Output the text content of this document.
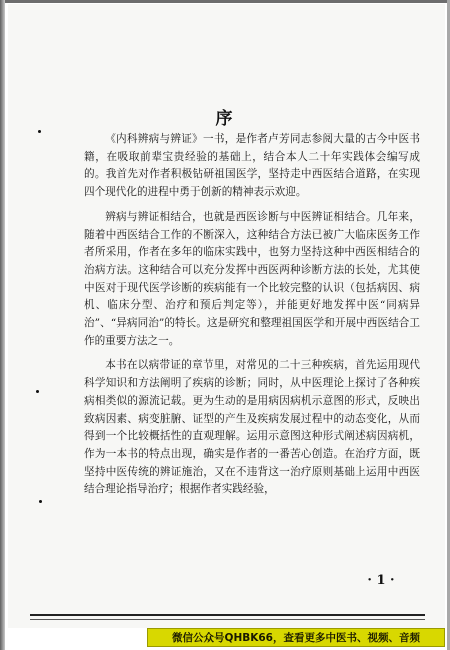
序

《内科辨病与辨证》一书，是作者卢芳同志参阅大量的古今中医书籍，在吸取前辈宝贵经验的基础上，结合本人二十年实践体会编写成的。我首先对作者积极钻研祖国医学，坚持走中西医结合道路，在实现四个现代化的进程中勇于创新的精神表示欢迎。

辨病与辨证相结合，也就是西医诊断与中医辨证相结合。几年来，随着中西医结合工作的不断深入，这种结合方法已被广大临床医务工作者所采用，作者在多年的临床实践中，也努力坚持这种中西医相结合的治病方法。这种结合可以充分发挥中西医两种诊断方法的长处，尤其使中医对于现代医学诊断的疾病能有一个比较完整的认识（包括病因、病机、临床分型、治疗和预后判定等），并能更好地发挥中医“同病异治”、“异病同治”的特长。这是研究和整理祖国医学和开展中西医结合工作的重要方法之一。

本书在以病带证的章节里，对常见的二十三种疾病，首先运用现代科学知识和方法阐明了疾病的诊断；同时，从中医理论上探讨了各种疾病相类似的源流记载。更为生动的是用病因病机示意图的形式，反映出致病因素、病变脏腑、证型的产生及疾病发展过程中的动态变化，从而得到一个比较概括性的直观理解。运用示意图这种形式阐述病因病机，作为一本书的特点出现，确实是作者的一番苦心创造。在治疗方面，既坚持中医传统的辨证施治，又在不违背这一治疗原则基础上运用中西医结合理论指导治疗；根据作者实践经验，

· 1 ·
微信公众号QHBK66，查看更多中医书、视频、音频
